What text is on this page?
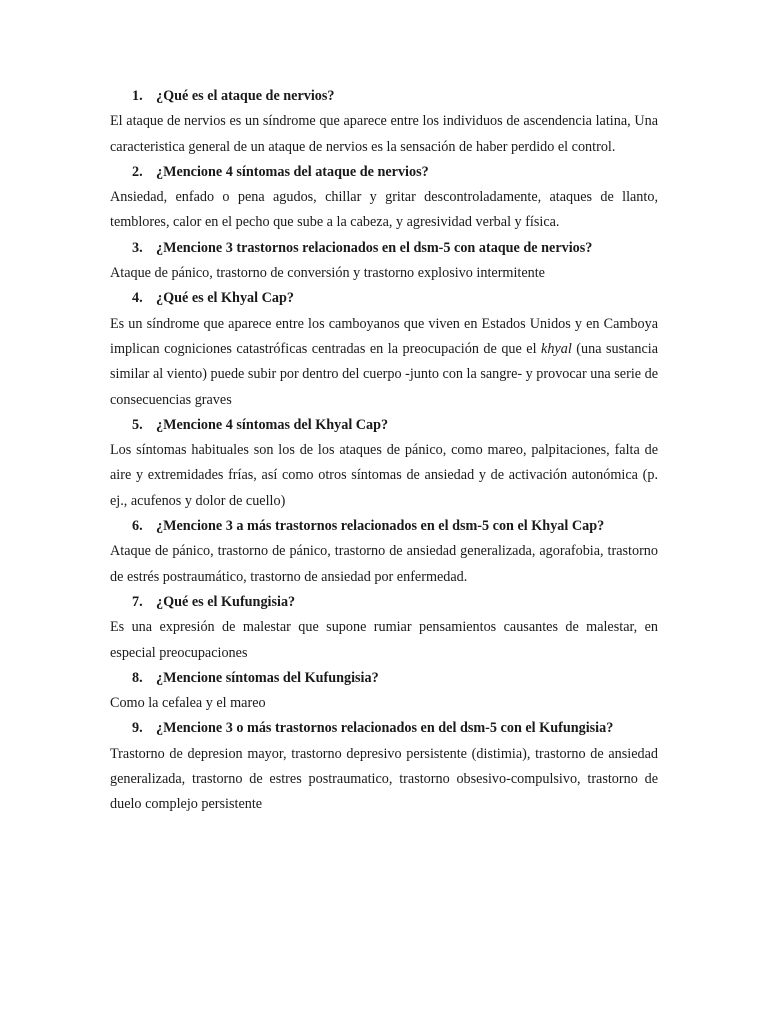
1. ¿Qué es el ataque de nervios?
El ataque de nervios es un síndrome que aparece entre los individuos de ascendencia latina, Una caracteristica general de un ataque de nervios es la sensación de haber perdido el control.
2. ¿Mencione 4 síntomas del ataque de nervios?
Ansiedad, enfado o pena agudos, chillar y gritar descontroladamente, ataques de llanto, temblores, calor en el pecho que sube a la cabeza, y agresividad verbal y física.
3. ¿Mencione 3 trastornos relacionados en el dsm-5 con ataque de nervios?
Ataque de pánico, trastorno de conversión y trastorno explosivo intermitente
4. ¿Qué es el Khyal Cap?
Es un síndrome que aparece entre los camboyanos que viven en Estados Unidos y en Camboya implican cogniciones catastróficas centradas en la preocupación de que el khyal (una sustancia similar al viento) puede subir por dentro del cuerpo -junto con la sangre- y provocar una serie de consecuencias graves
5. ¿Mencione 4 síntomas del Khyal Cap?
Los síntomas habituales son los de los ataques de pánico, como mareo, palpitaciones, falta de aire y extremidades frías, así como otros síntomas de ansiedad y de activación autonómica (p. ej., acufenos y dolor de cuello)
6. ¿Mencione 3 a más trastornos relacionados en el dsm-5 con el Khyal Cap?
Ataque de pánico, trastorno de pánico, trastorno de ansiedad generalizada, agorafobia, trastorno de estrés postraumático, trastorno de ansiedad por enfermedad.
7. ¿Qué es el Kufungisia?
Es una expresión de malestar que supone rumiar pensamientos causantes de malestar, en especial preocupaciones
8. ¿Mencione síntomas del Kufungisia?
Como la cefalea y el mareo
9. ¿Mencione 3 o más trastornos relacionados en del dsm-5 con el Kufungisia?
Trastorno de depresion mayor, trastorno depresivo persistente (distimia), trastorno de ansiedad generalizada, trastorno de estres postraumatico, trastorno obsesivo-compulsivo, trastorno de duelo complejo persistente
